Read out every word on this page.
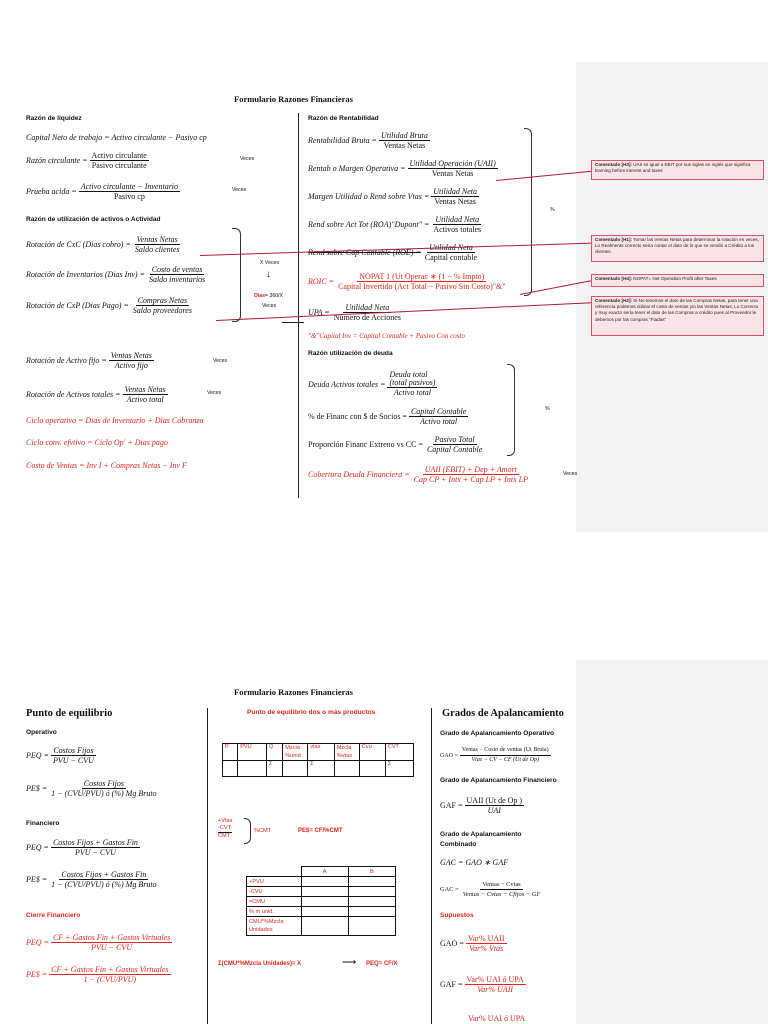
Formulario Razones Financieras
Razón de liquidez
Capital Neto de trabajo = Activo circulante − Pasivo cp
Razón circulante = $\frac{\text{Activo circulante}}{\text{Pasivo circulante}}$	Veces
Prueba acida = $\frac{\text{Activo circulante − Inventario}}{\text{Pasivo cp}}$	Veces
Razón de utilización de activos o Actividad
Rotación de CxC (Dias cobro) = $\frac{\text{Ventas Netas}}{\text{Saldo clientes}}$
Rotación de Inventarios (Dias $Inv) = \frac{\text{Costo de ventas}}{\text{Saldo inventarios}}$
Rotación de CxP (Dias Pago) = $\frac{\text{Compras Netas}}{\text{Saldo proveedores}}$
X Veces
↓
Dias= 360/X
Veces
Rotación de Activo fijo = $\frac{\text{Ventas Netas}}{\text{Activo fijo}}$	Veces
Rotación de Activos totales = $\frac{\text{Ventas Netas}}{\text{Activo total}}$	Veces
Ciclo operativo = Dias de Inventario + Dias Cobranza
Ciclo conv. efvtivo = Ciclo Op' + Dias pago
Costo de Ventas = Inv I + Compras Netas − Inv F
Razón de Rentabilidad
Rentabilidad Bruta = $\frac{\text{Utilidad Bruta}}{\text{Ventas Netas}}$
Rentab o Margen Operativa = $\frac{\text{Utilidad Operación (UAII)}}{\text{Ventas Netas}}$
Margen Utilidad o Rend sobre Vtas = $\frac{\text{Utilidad Neta}}{\text{Ventas Netas}}$
Rend sobre Act Tot (ROA)"Dupont" = $\frac{\text{Utilidad Neta}}{\text{Activos totales}}$
Rend sobre Cap Contable $(ROE) = \frac{\text{Utilidad Neta}}{\text{Capital contable}}$
ROIC = $\frac{\text{NOPAT 1 (Ut Operac ∗ (1 − \% Impto)}}{\text{Capital Invertido (Act Total − Pasivo Sin Costo)"\&"}}$
UPA = $\frac{\text{Utilidad Neta}}{\text{Número de Acciones}}$
"&"Capital Inv = Capital Contable + Pasivo Con costo
%
Razón utilización de deuda
Deuda Activos totales =
Deuda total
(total pasivos)
Activo total
% de Financ con $ de Socios = $\frac{\text{Capital Contable}}{\text{Activo total}}$
Proporción Financ Extreno vs CC = $\frac{\text{Pasivo Total}}{\text{Capital Contable}}$
%
Cobertura Deuda Financiera = $\frac{\text{UAII (EBIT) + Dep + Amort}}{\text{Cap CP + Intx + Cap LP + Intx LP}}$	Veces
Comentado [H3]: UAII es igual a EBIT por sus siglas en inglés que significa Earning before interest and taxes
Comentado [H1]: Tomar las Ventas Netas para determinar la rotación en veces, Lo Realmente correcto sería contar el dato de lo que se vendió a Crédito a los clientes.
Comentado [H4]: NOPAT= Net Operation Profit after Taxes
Comentado [H2]: Si No tenemos el dato de las Compras Netas, para tener una referencia podemos utilizar el costo de ventas y/o las Ventas Netas; Lo Correcto y muy exacto sería tener el dato de las Compras a crédito pues al Proveedor le debemos por las compras "Fiadas"
Formulario Razones Financieras
Punto de equilibrio
Operativo
PEQ = $\frac{\text{Costos Fijos}}{\text{PVU − CVU}}$
PE$ = $\frac{\text{Costos Fijos}}{\text{1 − (CVU/PVU) ó (\%) Mg Bruto}}$
Financiero
PEQ = $\frac{\text{Costos Fijos + Gastos Fin}}{\text{PVU − CVU}}$
PE$ = $\frac{\text{Costos Fijos + Gastos Fin}}{\text{1 − (CVU/PVU) ó (\%) Mg Bruto}}$
Cierre Financiero
PEQ = $\frac{\text{CF + Gastos Fin + Gastos Virtuales}}{\text{PVU − CVU}}$
PE$ = $\frac{\text{CF + Gastos Fin + Gastos Virtuales}}{\text{1 − (CVU/PVU)}}$
Punto de equilibrio dos o más productos
P	PVU	Q	Mzcla %unid	vtas	Mzcla %vtas	Cvu	CVT
		Σ		Σ			Σ
+Vtas
-CVT
CMT
%CMT	PE$= CF/%CMT
	A	B
+PVU		
-CVU		
=CMU		
% m unid.		
CMU*%Mzcla Unidades		
Σ(CMU*%Mzcla Unidades)= X	⟶ PEQ= CF/X
Grados de Apalancamiento
Grado de Apalancamiento Operativo
GAO = $\frac{\text{Ventas − Costo de ventas (Ut Bruta)}}{\text{Vtas − CV − CF (Ut de Op)}}$
Grado de Apalancamiento Financiero
GAF = $\frac{\text{UAII (Ut de Op )}}{\text{UAI}}$
Grado de Apalancamiento
Combinado
GAC = GAO ∗ GAF
GAC = $\frac{\text{Ventas − Cvtas}}{\text{Ventas − Cvtas − Cfijos − GF}}$
Supuestos
GAO = $\frac{\text{Var\% UAII}}{\text{Var\% Vtas}}$
GAF = $\frac{\text{Var\% UAI ó UPA}}{\text{Var\% UAII}}$
Var% UAI ó UPA
